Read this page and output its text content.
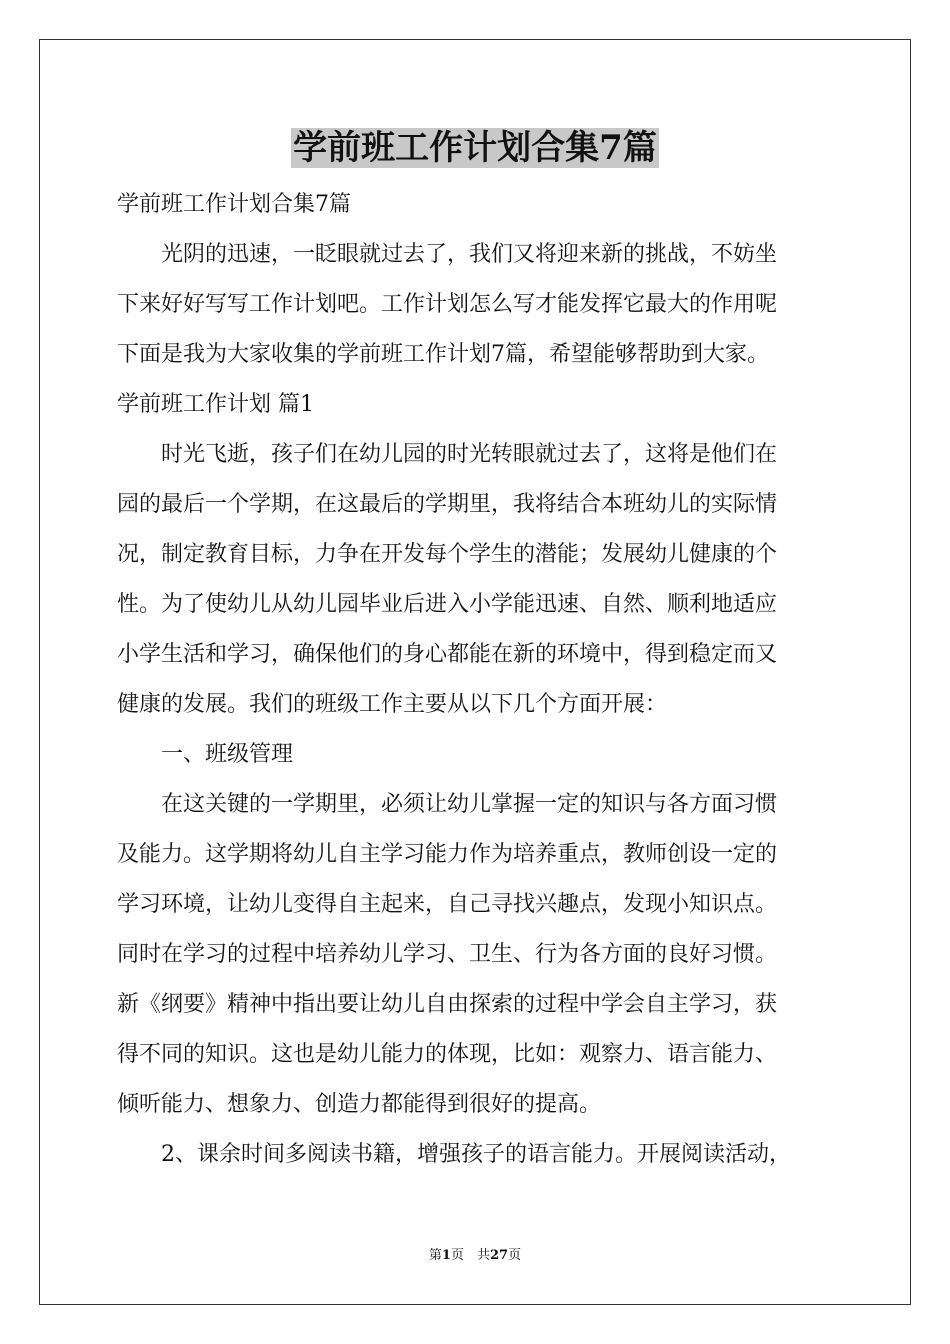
学前班工作计划合集7篇

学前班工作计划合集7篇

光阴的迅速，一眨眼就过去了，我们又将迎来新的挑战，不妨坐

下来好好写写工作计划吧。工作计划怎么写才能发挥它最大的作用呢

下面是我为大家收集的学前班工作计划7篇，希望能够帮助到大家。

学前班工作计划 篇1

时光飞逝，孩子们在幼儿园的时光转眼就过去了，这将是他们在

园的最后一个学期，在这最后的学期里，我将结合本班幼儿的实际情

况，制定教育目标，力争在开发每个学生的潜能；发展幼儿健康的个

性。为了使幼儿从幼儿园毕业后进入小学能迅速、自然、顺利地适应

小学生活和学习，确保他们的身心都能在新的环境中，得到稳定而又

健康的发展。我们的班级工作主要从以下几个方面开展：

一、班级管理

在这关键的一学期里，必须让幼儿掌握一定的知识与各方面习惯

及能力。这学期将幼儿自主学习能力作为培养重点，教师创设一定的

学习环境，让幼儿变得自主起来，自己寻找兴趣点，发现小知识点。

同时在学习的过程中培养幼儿学习、卫生、行为各方面的良好习惯。

新《纲要》精神中指出要让幼儿自由探索的过程中学会自主学习，获

得不同的知识。这也是幼儿能力的体现，比如：观察力、语言能力、

倾听能力、想象力、创造力都能得到很好的提高。

2、课余时间多阅读书籍，增强孩子的语言能力。开展阅读活动，

第1页　共27页
